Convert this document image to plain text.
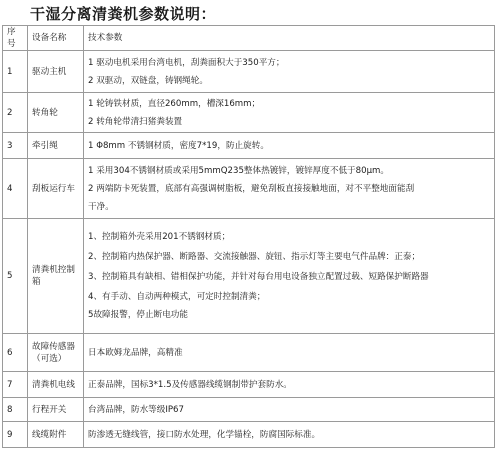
干湿分离清粪机参数说明：
序号	设备名称	技术参数
1	驱动主机	1 驱动电机采用台湾电机，刮粪面积大于350平方；
2 双驱动，双链盘，铸钢绳轮。

2	转角轮	1 轮铸铁材质，直径260mm，槽深16mm；
2 转角轮带清扫猪粪装置

3	牵引绳	1 Φ8mm 不锈钢材质，密度7*19，防止旋转。

4	刮板运行车	1 采用304不锈钢材质或采用5mmQ235整体热镀锌，镀锌厚度不低于80μm。
2 两端防卡死装置，底部有高强调树脂板，避免刮板直接接触地面，对不平整地面能刮
干净。

5	清粪机控制箱	1、控制箱外壳采用201不锈钢材质；
2、控制箱内热保护器、断路器、交流接触器、旋钮、指示灯等主要电气件品牌：正泰；
3、控制箱具有缺相、错相保护功能，并针对每台用电设备独立配置过载、短路保护断路器
4、有手动、自动两种模式，可定时控制清粪；
5故障报警，停止断电功能

6	故障传感器（可选）	日本欧姆龙品牌，高精准

7	清粪机电线	正泰品牌，国标3*1.5及传感器线缆钢制带护套防水。

8	行程开关	台湾品牌，防水等级IP67

9	线缆附件	防渗透无缝线管，接口防水处理，化学锚栓，防腐国际标准。
